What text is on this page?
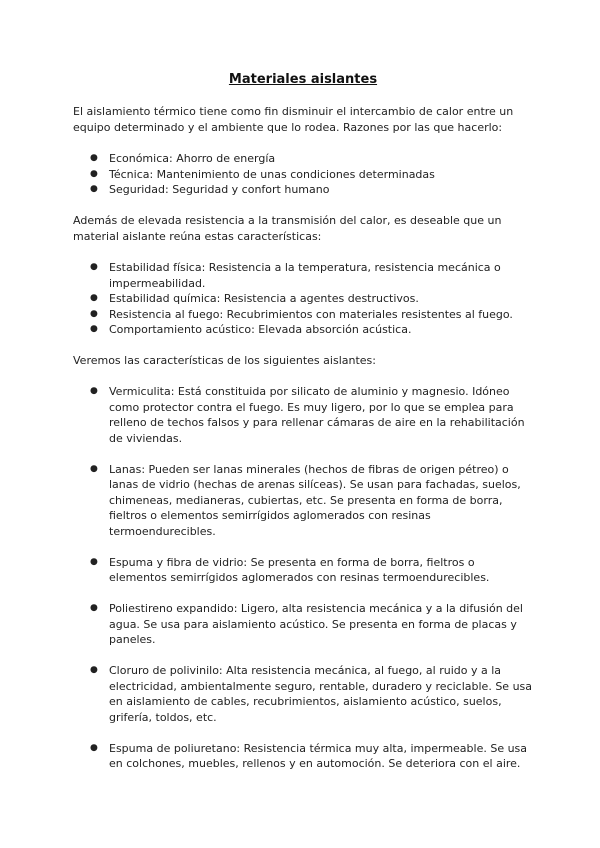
Materiales aislantes

El aislamiento térmico tiene como fin disminuir el intercambio de calor entre un equipo determinado y el ambiente que lo rodea. Razones por las que hacerlo:

● Económica: Ahorro de energía
● Técnica: Mantenimiento de unas condiciones determinadas
● Seguridad: Seguridad y confort humano

Además de elevada resistencia a la transmisión del calor, es deseable que un material aislante reúna estas características:

● Estabilidad física: Resistencia a la temperatura, resistencia mecánica o impermeabilidad.
● Estabilidad química: Resistencia a agentes destructivos.
● Resistencia al fuego: Recubrimientos con materiales resistentes al fuego.
● Comportamiento acústico: Elevada absorción acústica.

Veremos las características de los siguientes aislantes:

● Vermiculita: Está constituida por silicato de aluminio y magnesio. Idóneo como protector contra el fuego. Es muy ligero, por lo que se emplea para relleno de techos falsos y para rellenar cámaras de aire en la rehabilitación de viviendas.
● Lanas: Pueden ser lanas minerales (hechos de fibras de origen pétreo) o lanas de vidrio (hechas de arenas silíceas). Se usan para fachadas, suelos, chimeneas, medianeras, cubiertas, etc. Se presenta en forma de borra, fieltros o elementos semirrígidos aglomerados con resinas termoendurecibles.
● Espuma y fibra de vidrio: Se presenta en forma de borra, fieltros o elementos semirrígidos aglomerados con resinas termoendurecibles.
● Poliestireno expandido: Ligero, alta resistencia mecánica y a la difusión del agua. Se usa para aislamiento acústico. Se presenta en forma de placas y paneles.
● Cloruro de polivinilo: Alta resistencia mecánica, al fuego, al ruido y a la electricidad, ambientalmente seguro, rentable, duradero y reciclable. Se usa en aislamiento de cables, recubrimientos, aislamiento acústico, suelos, grifería, toldos, etc.
● Espuma de poliuretano: Resistencia térmica muy alta, impermeable. Se usa en colchones, muebles, rellenos y en automoción. Se deteriora con el aire.
